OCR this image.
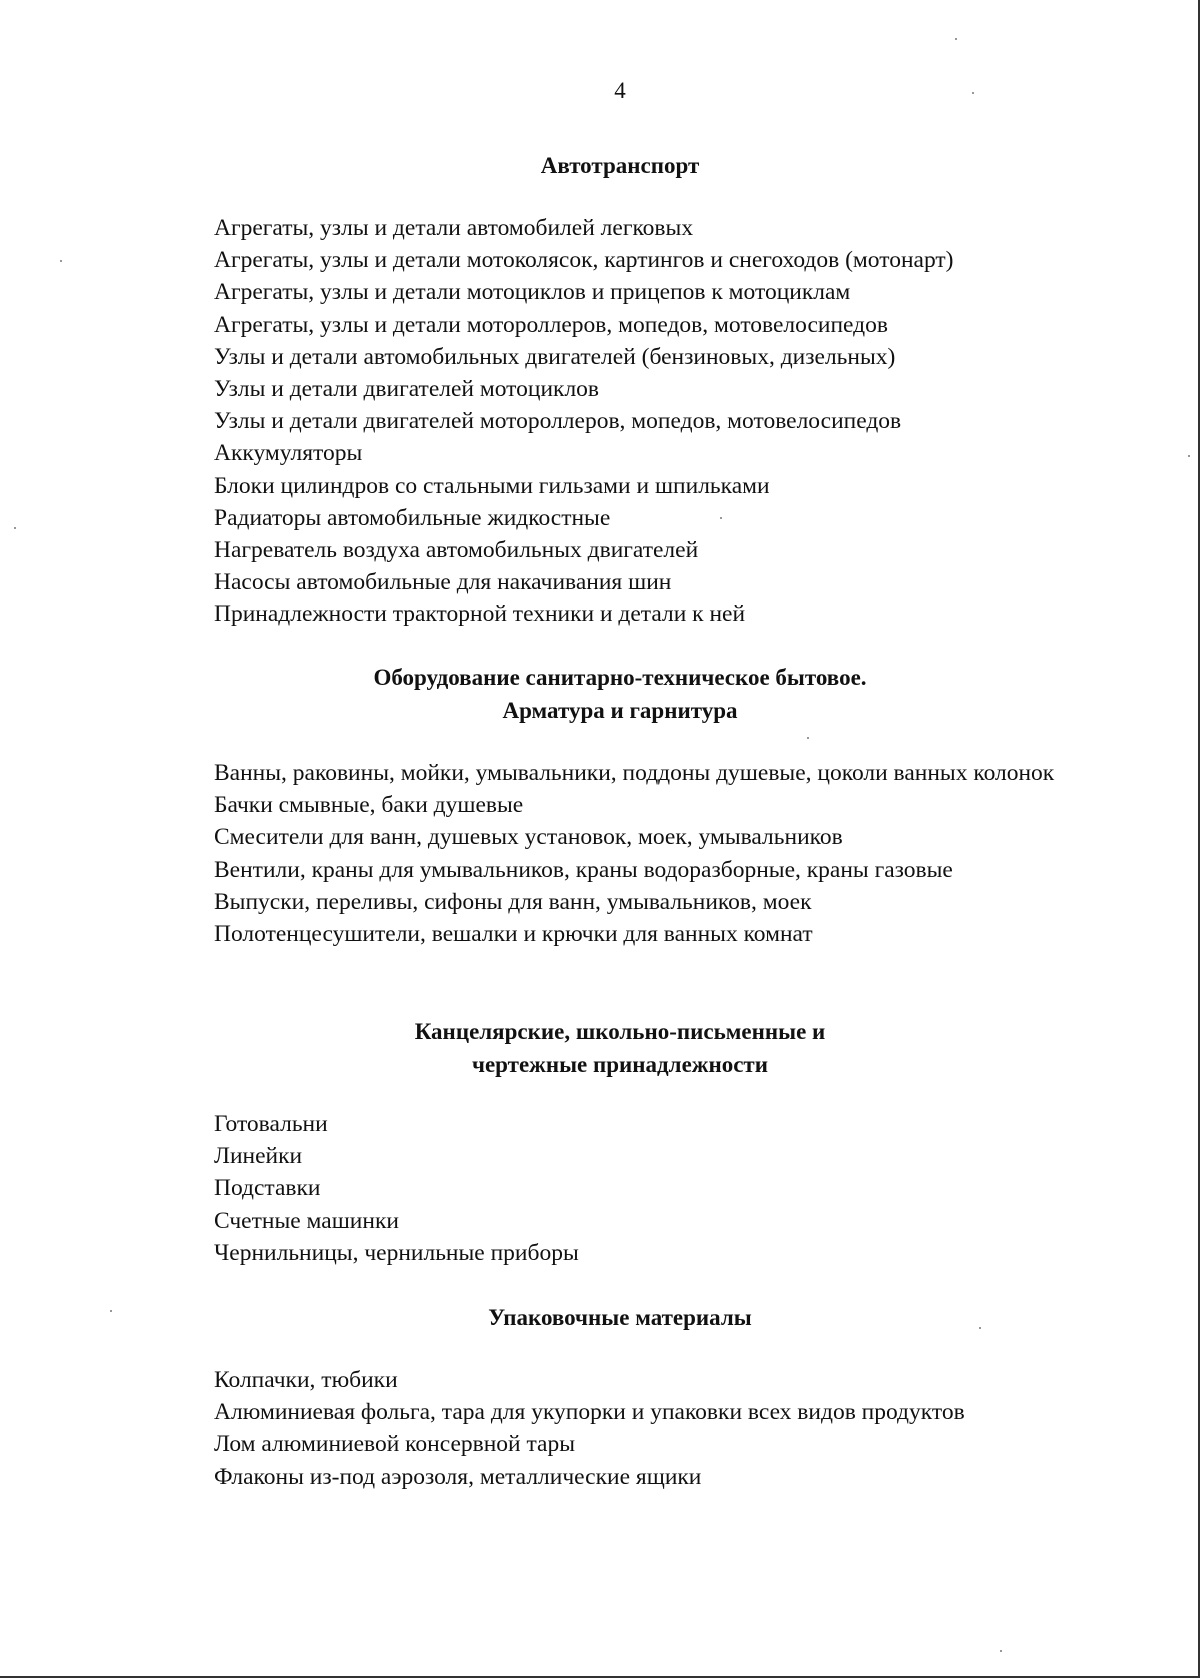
4
Автотранспорт
Агрегаты, узлы и детали автомобилей легковых
Агрегаты, узлы и детали мотоколясок, картингов и снегоходов (мотонарт)
Агрегаты, узлы и детали мотоциклов и прицепов к мотоциклам
Агрегаты, узлы и детали мотороллеров, мопедов, мотовелосипедов
Узлы и детали автомобильных двигателей (бензиновых, дизельных)
Узлы и детали двигателей мотоциклов
Узлы и детали двигателей мотороллеров, мопедов, мотовелосипедов
Аккумуляторы
Блоки цилиндров со стальными гильзами и шпильками
Радиаторы автомобильные жидкостные
Нагреватель воздуха автомобильных двигателей
Насосы автомобильные для накачивания шин
Принадлежности тракторной техники и детали к ней
Оборудование санитарно-техническое бытовое.
Арматура и гарнитура
Ванны, раковины, мойки, умывальники, поддоны душевые, цоколи ванных колонок
Бачки смывные, баки душевые
Смесители для ванн, душевых установок, моек, умывальников
Вентили, краны для умывальников, краны водоразборные, краны газовые
Выпуски, переливы, сифоны для ванн, умывальников, моек
Полотенцесушители, вешалки и крючки для ванных комнат
Канцелярские, школьно-письменные и
чертежные принадлежности
Готовальни
Линейки
Подставки
Счетные машинки
Чернильницы, чернильные приборы
Упаковочные материалы
Колпачки, тюбики
Алюминиевая фольга, тара для укупорки и упаковки всех видов продуктов
Лом алюминиевой консервной тары
Флаконы из-под аэрозоля, металлические ящики
